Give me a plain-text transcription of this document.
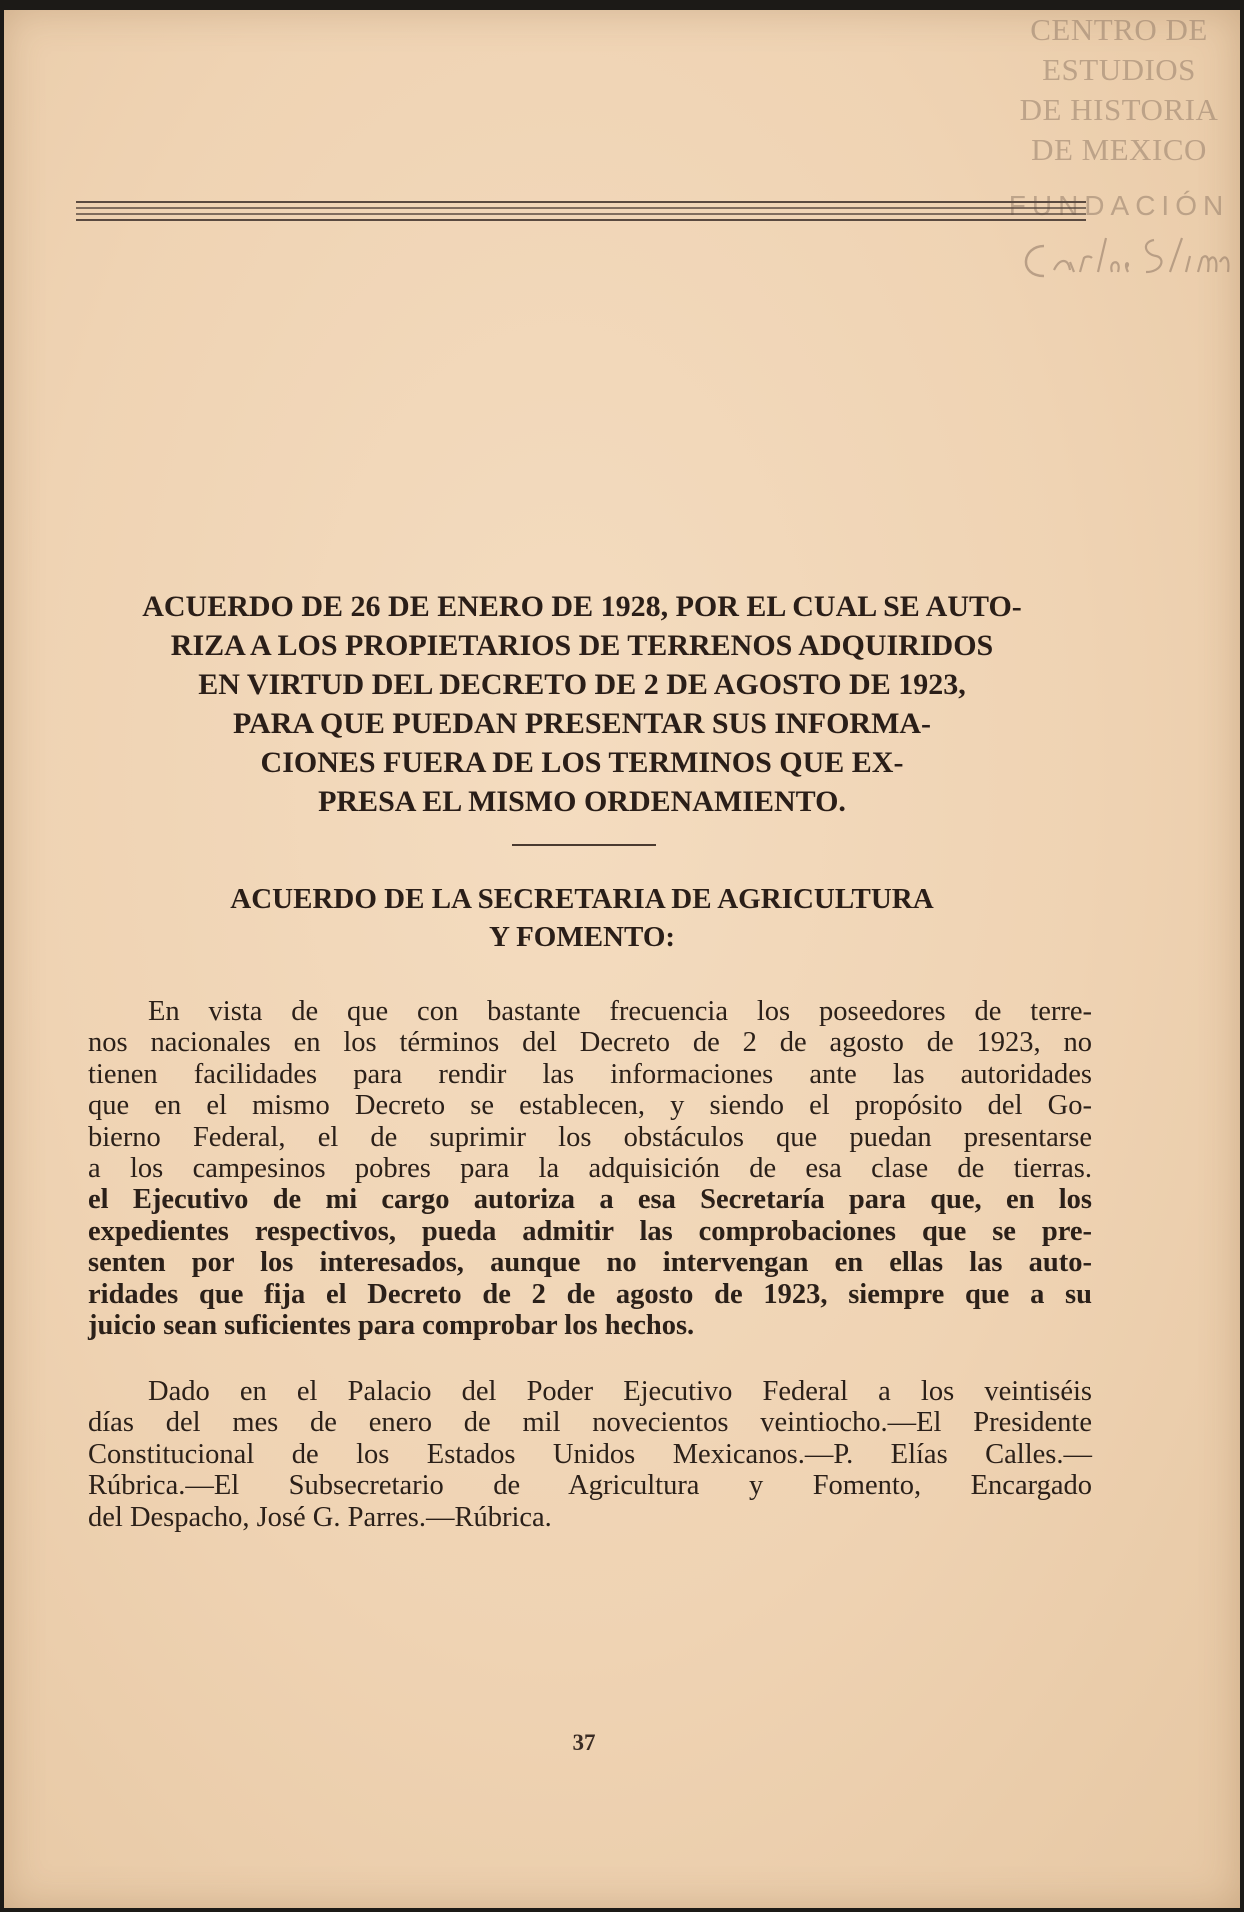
CENTRO DE
ESTUDIOS
DE HISTORIA
DE MEXICO
FUNDACIÓN
ACUERDO DE 26 DE ENERO DE 1928, POR EL CUAL SE AUTO-
RIZA A LOS PROPIETARIOS DE TERRENOS ADQUIRIDOS
EN VIRTUD DEL DECRETO DE 2 DE AGOSTO DE 1923,
PARA QUE PUEDAN PRESENTAR SUS INFORMA-
CIONES FUERA DE LOS TERMINOS QUE EX-
PRESA EL MISMO ORDENAMIENTO.
ACUERDO DE LA SECRETARIA DE AGRICULTURA
Y FOMENTO:
En vista de que con bastante frecuencia los poseedores de terre-
nos nacionales en los términos del Decreto de 2 de agosto de 1923, no
tienen facilidades para rendir las informaciones ante las autoridades
que en el mismo Decreto se establecen, y siendo el propósito del Go-
bierno Federal, el de suprimir los obstáculos que puedan presentarse
a los campesinos pobres para la adquisición de esa clase de tierras.
el Ejecutivo de mi cargo autoriza a esa Secretaría para que, en los
expedientes respectivos, pueda admitir las comprobaciones que se pre-
senten por los interesados, aunque no intervengan en ellas las auto-
ridades que fija el Decreto de 2 de agosto de 1923, siempre que a su
juicio sean suficientes para comprobar los hechos.
Dado en el Palacio del Poder Ejecutivo Federal a los veintiséis
días del mes de enero de mil novecientos veintiocho.—El Presidente
Constitucional de los Estados Unidos Mexicanos.—P. Elías Calles.—
Rúbrica.—El Subsecretario de Agricultura y Fomento, Encargado
del Despacho, José G. Parres.—Rúbrica.
37
